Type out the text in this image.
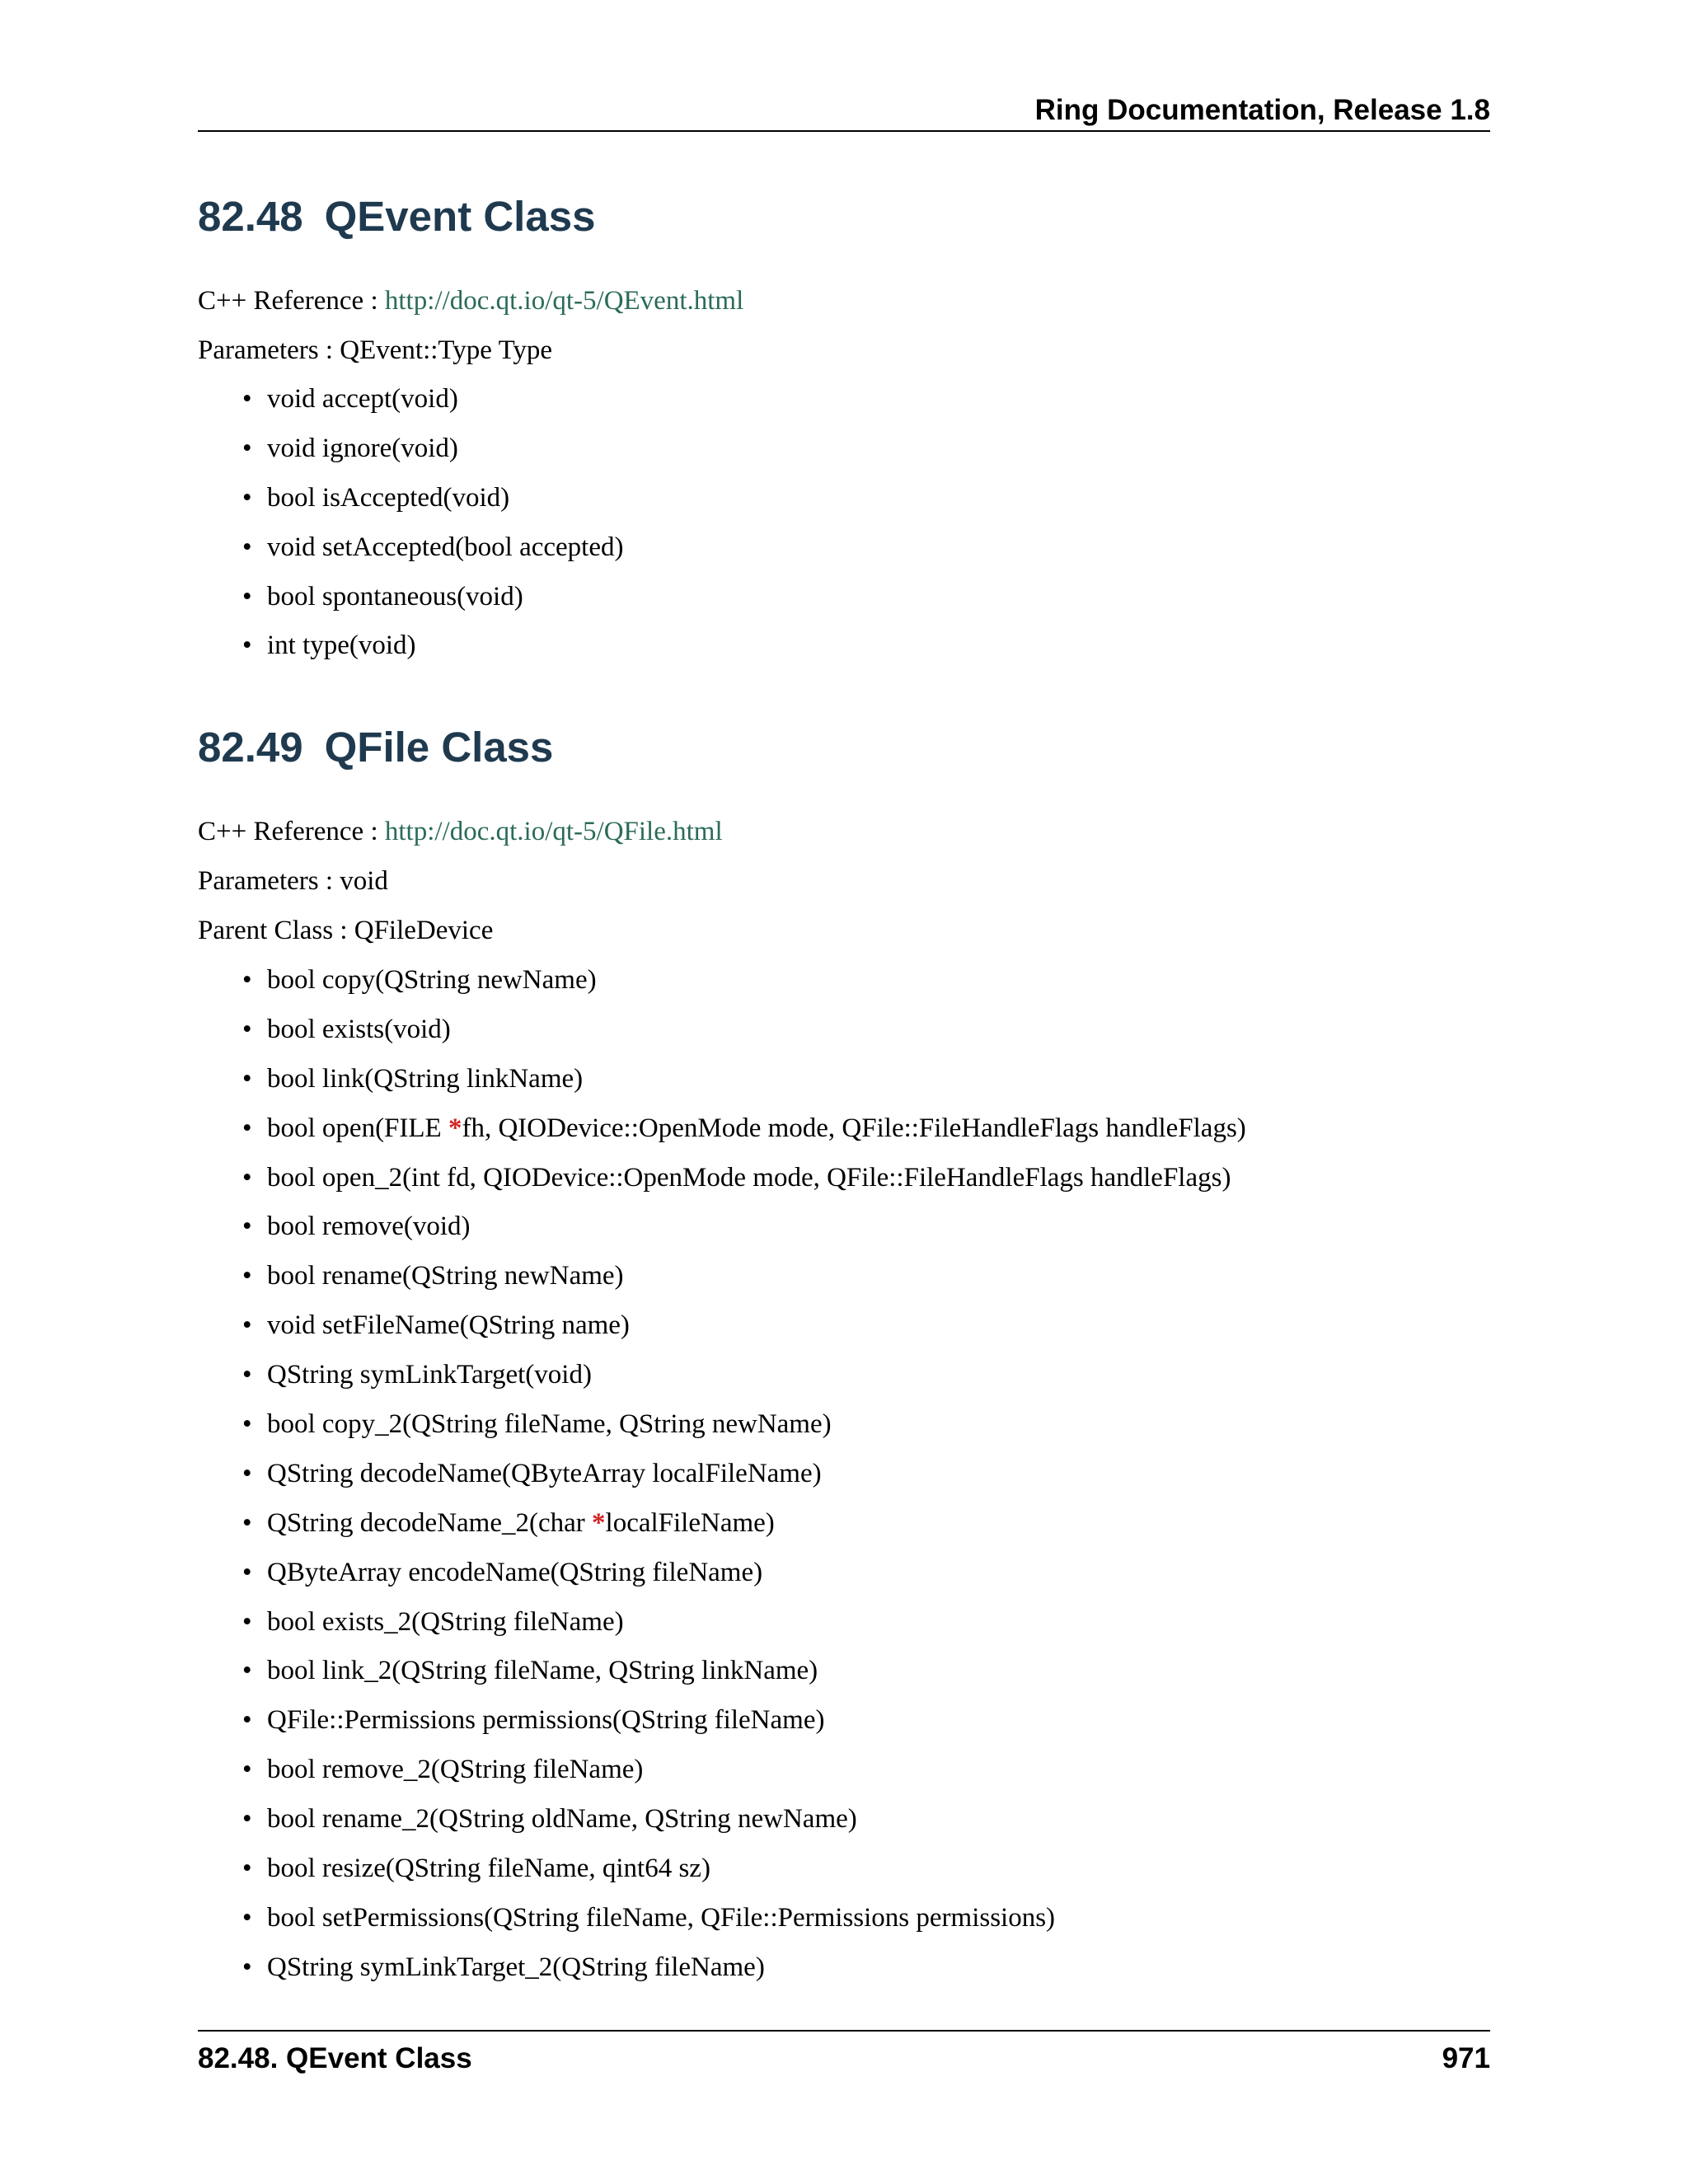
Ring Documentation, Release 1.8
82.48 QEvent Class
C++ Reference : http://doc.qt.io/qt-5/QEvent.html
Parameters : QEvent::Type Type
• void accept(void)
• void ignore(void)
• bool isAccepted(void)
• void setAccepted(bool accepted)
• bool spontaneous(void)
• int type(void)
82.49 QFile Class
C++ Reference : http://doc.qt.io/qt-5/QFile.html
Parameters : void
Parent Class : QFileDevice
• bool copy(QString newName)
• bool exists(void)
• bool link(QString linkName)
• bool open(FILE *fh, QIODevice::OpenMode mode, QFile::FileHandleFlags handleFlags)
• bool open_2(int fd, QIODevice::OpenMode mode, QFile::FileHandleFlags handleFlags)
• bool remove(void)
• bool rename(QString newName)
• void setFileName(QString name)
• QString symLinkTarget(void)
• bool copy_2(QString fileName, QString newName)
• QString decodeName(QByteArray localFileName)
• QString decodeName_2(char *localFileName)
• QByteArray encodeName(QString fileName)
• bool exists_2(QString fileName)
• bool link_2(QString fileName, QString linkName)
• QFile::Permissions permissions(QString fileName)
• bool remove_2(QString fileName)
• bool rename_2(QString oldName, QString newName)
• bool resize(QString fileName, qint64 sz)
• bool setPermissions(QString fileName, QFile::Permissions permissions)
• QString symLinkTarget_2(QString fileName)
82.48. QEvent Class	971
